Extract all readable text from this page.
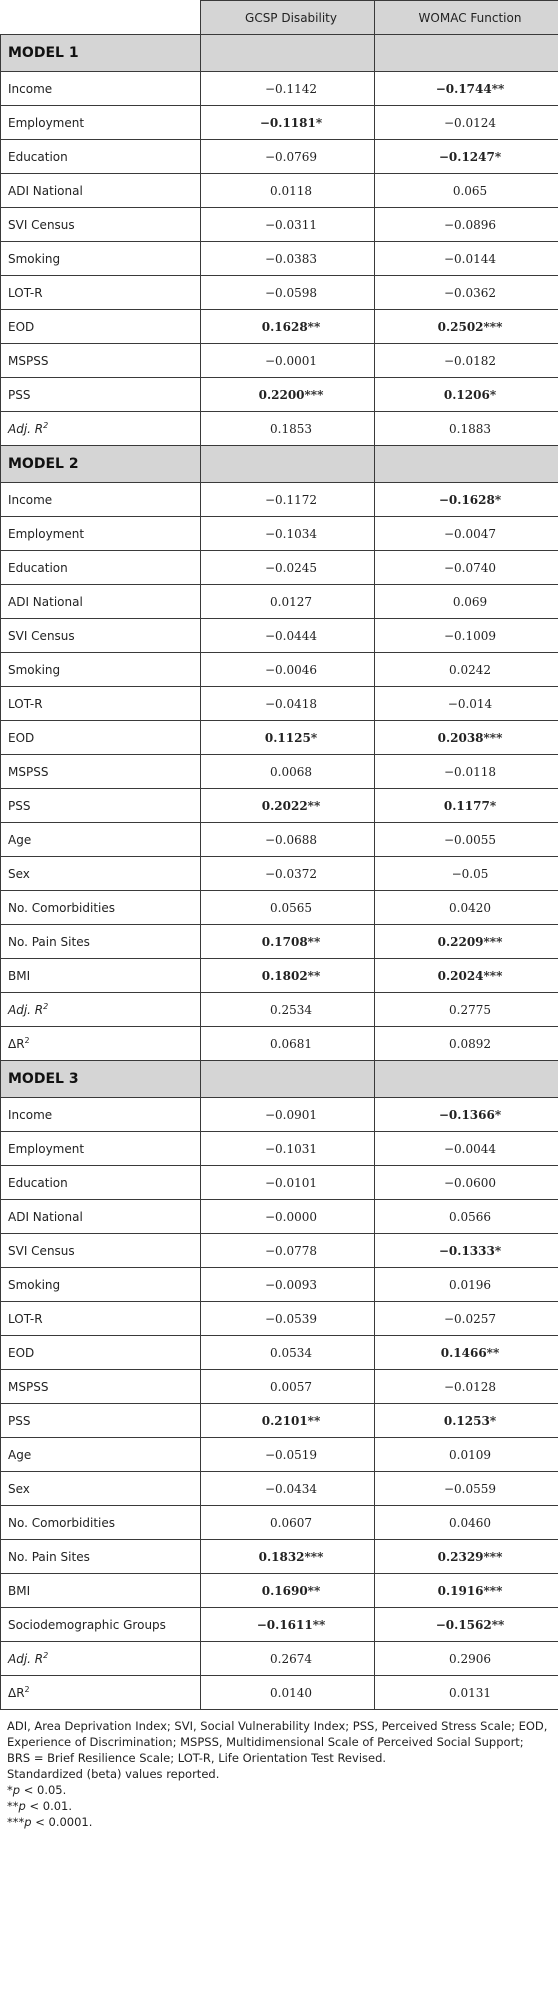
	GCSP Disability	WOMAC Function
MODEL 1		
Income	−0.1142	−0.1744**
Employment	−0.1181*	−0.0124
Education	−0.0769	−0.1247*
ADI National	0.0118	0.065
SVI Census	−0.0311	−0.0896
Smoking	−0.0383	−0.0144
LOT-R	−0.0598	−0.0362
EOD	0.1628**	0.2502***
MSPSS	−0.0001	−0.0182
PSS	0.2200***	0.1206*
Adj. $R^2$	0.1853	0.1883
MODEL 2		
Income	−0.1172	−0.1628*
Employment	−0.1034	−0.0047
Education	−0.0245	−0.0740
ADI National	0.0127	0.069
SVI Census	−0.0444	−0.1009
Smoking	−0.0046	0.0242
LOT-R	−0.0418	−0.014
EOD	0.1125*	0.2038***
MSPSS	0.0068	−0.0118
PSS	0.2022**	0.1177*
Age	−0.0688	−0.0055
Sex	−0.0372	−0.05
No. Comorbidities	0.0565	0.0420
No. Pain Sites	0.1708**	0.2209***
BMI	0.1802**	0.2024***
Adj. $R^2$	0.2534	0.2775
$\Delta R^2$	0.0681	0.0892
MODEL 3		
Income	−0.0901	−0.1366*
Employment	−0.1031	−0.0044
Education	−0.0101	−0.0600
ADI National	−0.0000	0.0566
SVI Census	−0.0778	−0.1333*
Smoking	−0.0093	0.0196
LOT-R	−0.0539	−0.0257
EOD	0.0534	0.1466**
MSPSS	0.0057	−0.0128
PSS	0.2101**	0.1253*
Age	−0.0519	0.0109
Sex	−0.0434	−0.0559
No. Comorbidities	0.0607	0.0460
No. Pain Sites	0.1832***	0.2329***
BMI	0.1690**	0.1916***
Sociodemographic Groups	−0.1611**	−0.1562**
Adj. $R^2$	0.2674	0.2906
$\Delta R^2$	0.0140	0.0131

ADI, Area Deprivation Index; SVI, Social Vulnerability Index; PSS, Perceived Stress Scale; EOD, Experience of Discrimination; MSPSS, Multidimensional Scale of Perceived Social Support; BRS = Brief Resilience Scale; LOT-R, Life Orientation Test Revised.

Standardized (beta) values reported.

*p < 0.05.

**p < 0.01.

***p < 0.0001.
